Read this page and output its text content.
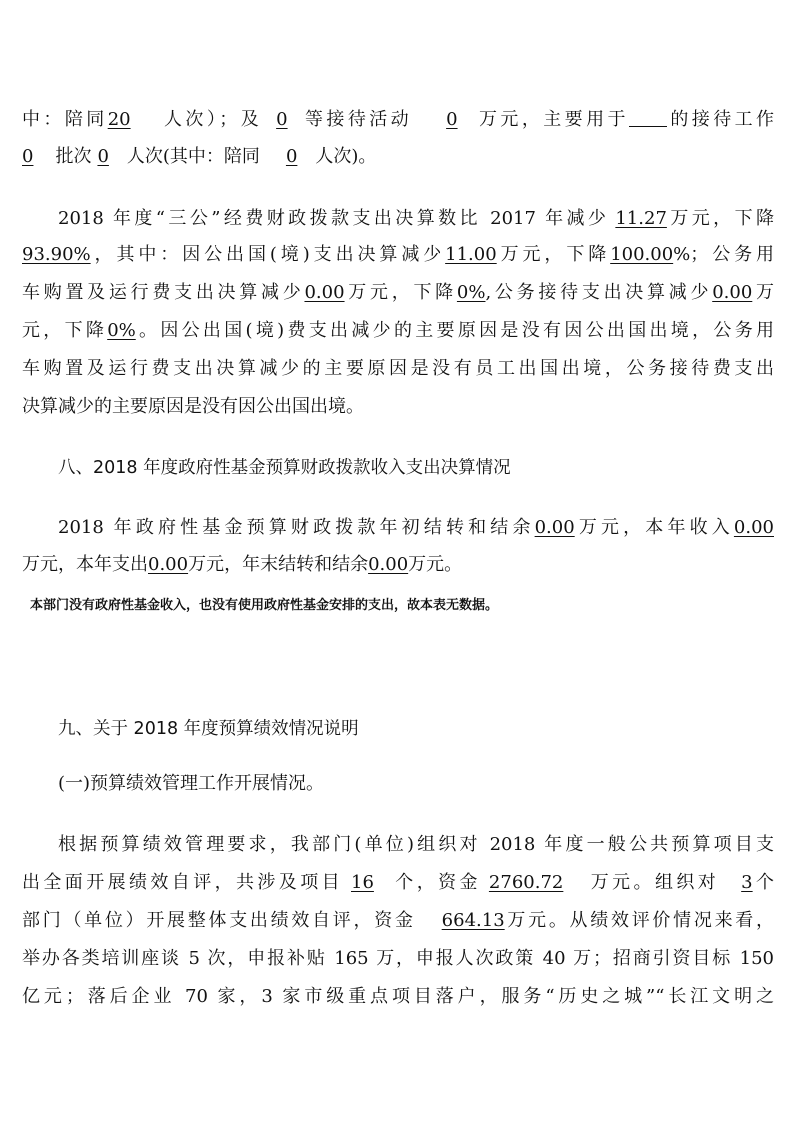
中：陪同20 人次）；及 0 等接待活动 0 万元，主要用于 的接待工作
0 批次 0 人次(其中：陪同 0 人次)。
2018 年度“三公”经费财政拨款支出决算数比 2017 年减少 11.27万元，下降
93.90%，其中：因公出国(境)支出决算减少11.00万元，下降100.00%；公务用
车购置及运行费支出决算减少0.00万元，下降0%,公务接待支出决算减少0.00万
元，下降0%。因公出国(境)费支出减少的主要原因是没有因公出国出境，公务用
车购置及运行费支出决算减少的主要原因是没有员工出国出境，公务接待费支出
决算减少的主要原因是没有因公出国出境。
八、2018 年度政府性基金预算财政拨款收入支出决算情况
2018 年政府性基金预算财政拨款年初结转和结余0.00万元，本年收入0.00
万元，本年支出0.00万元，年末结转和结余0.00万元。
本部门没有政府性基金收入，也没有使用政府性基金安排的支出，故本表无数据。
九、关于 2018 年度预算绩效情况说明
(一)预算绩效管理工作开展情况。
根据预算绩效管理要求，我部门(单位)组织对 2018 年度一般公共预算项目支
出全面开展绩效自评，共涉及项目 16 个，资金 2760.72 万元。组织对 3个
部门（单位）开展整体支出绩效自评，资金 664.13万元。从绩效评价情况来看，
举办各类培训座谈 5 次，申报补贴 165 万，申报人次政策 40 万；招商引资目标 150
亿元；落后企业 70 家，3 家市级重点项目落户，服务“历史之城”“长江文明之
